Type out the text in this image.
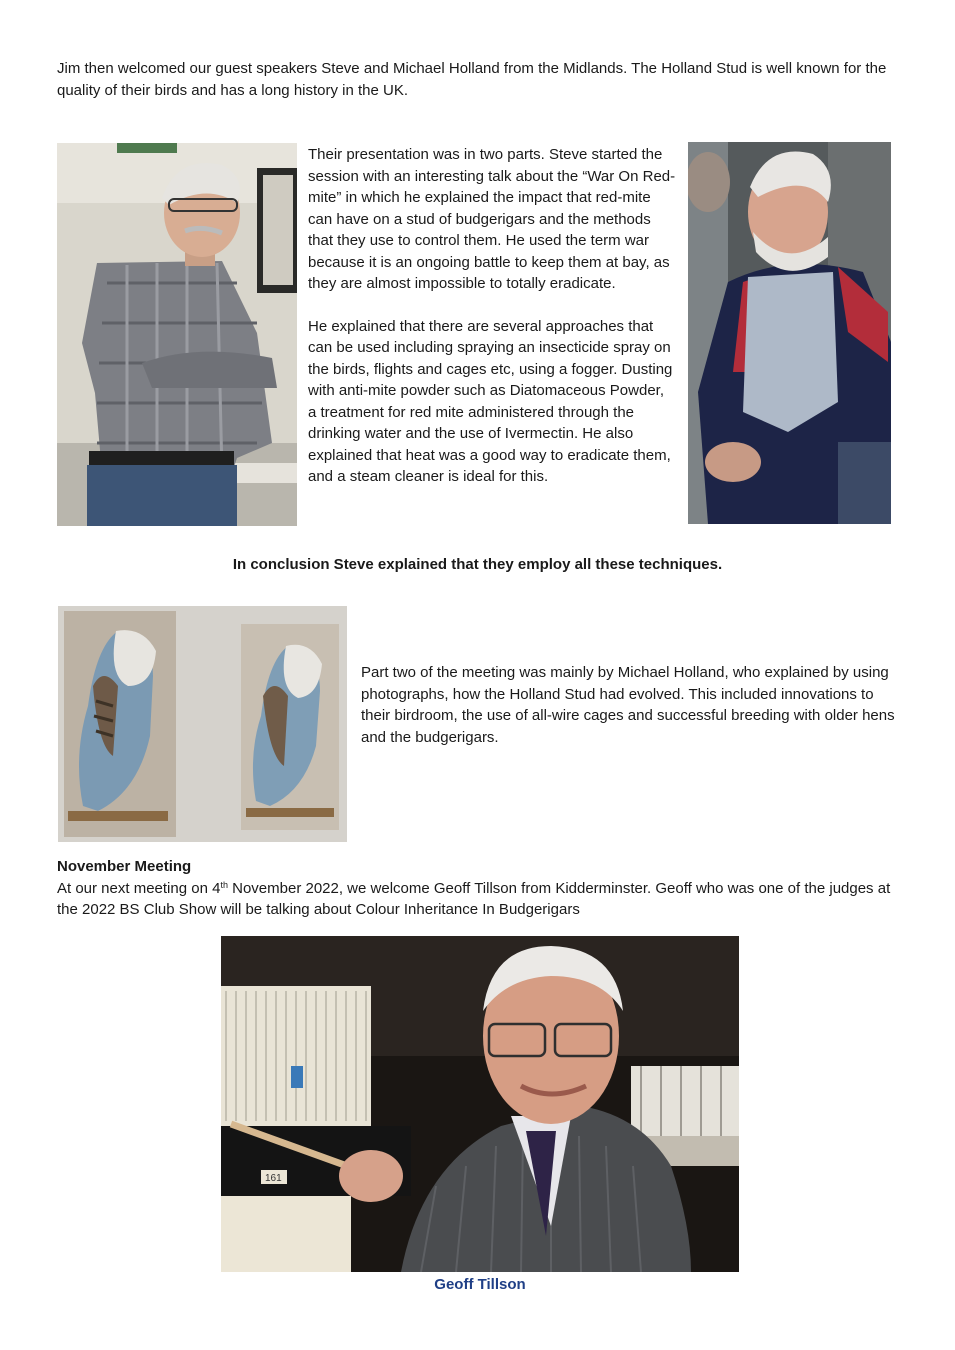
Jim then welcomed our guest speakers Steve and Michael Holland from the Midlands. The Holland Stud is well known for the quality of their birds and has a long history in the UK.

Their presentation was in two parts. Steve started the session with an interesting talk about the “War On Red-mite” in which he explained the impact that red-mite can have on a stud of budgerigars and the methods that they use to control them. He used the term war because it is an ongoing battle to keep them at bay, as they are almost impossible to totally eradicate.

He explained that there are several approaches that can be used including spraying an insecticide spray on the birds, flights and cages etc, using a fogger. Dusting with anti-mite powder such as Diatomaceous Powder, a treatment for red mite administered through the drinking water and the use of Ivermectin. He also explained that heat was a good way to eradicate them, and a steam cleaner is ideal for this.

In conclusion Steve explained that they employ all these techniques.

Part two of the meeting was mainly by Michael Holland, who explained by using photographs, how the Holland Stud had evolved. This included innovations to their birdroom, the use of all-wire cages and successful breeding with older hens and the budgerigars.

November Meeting

At our next meeting on 4th November 2022, we welcome Geoff Tillson from Kidderminster. Geoff who was one of the judges at the 2022 BS Club Show will be talking about Colour Inheritance In Budgerigars

161

Geoff Tillson
